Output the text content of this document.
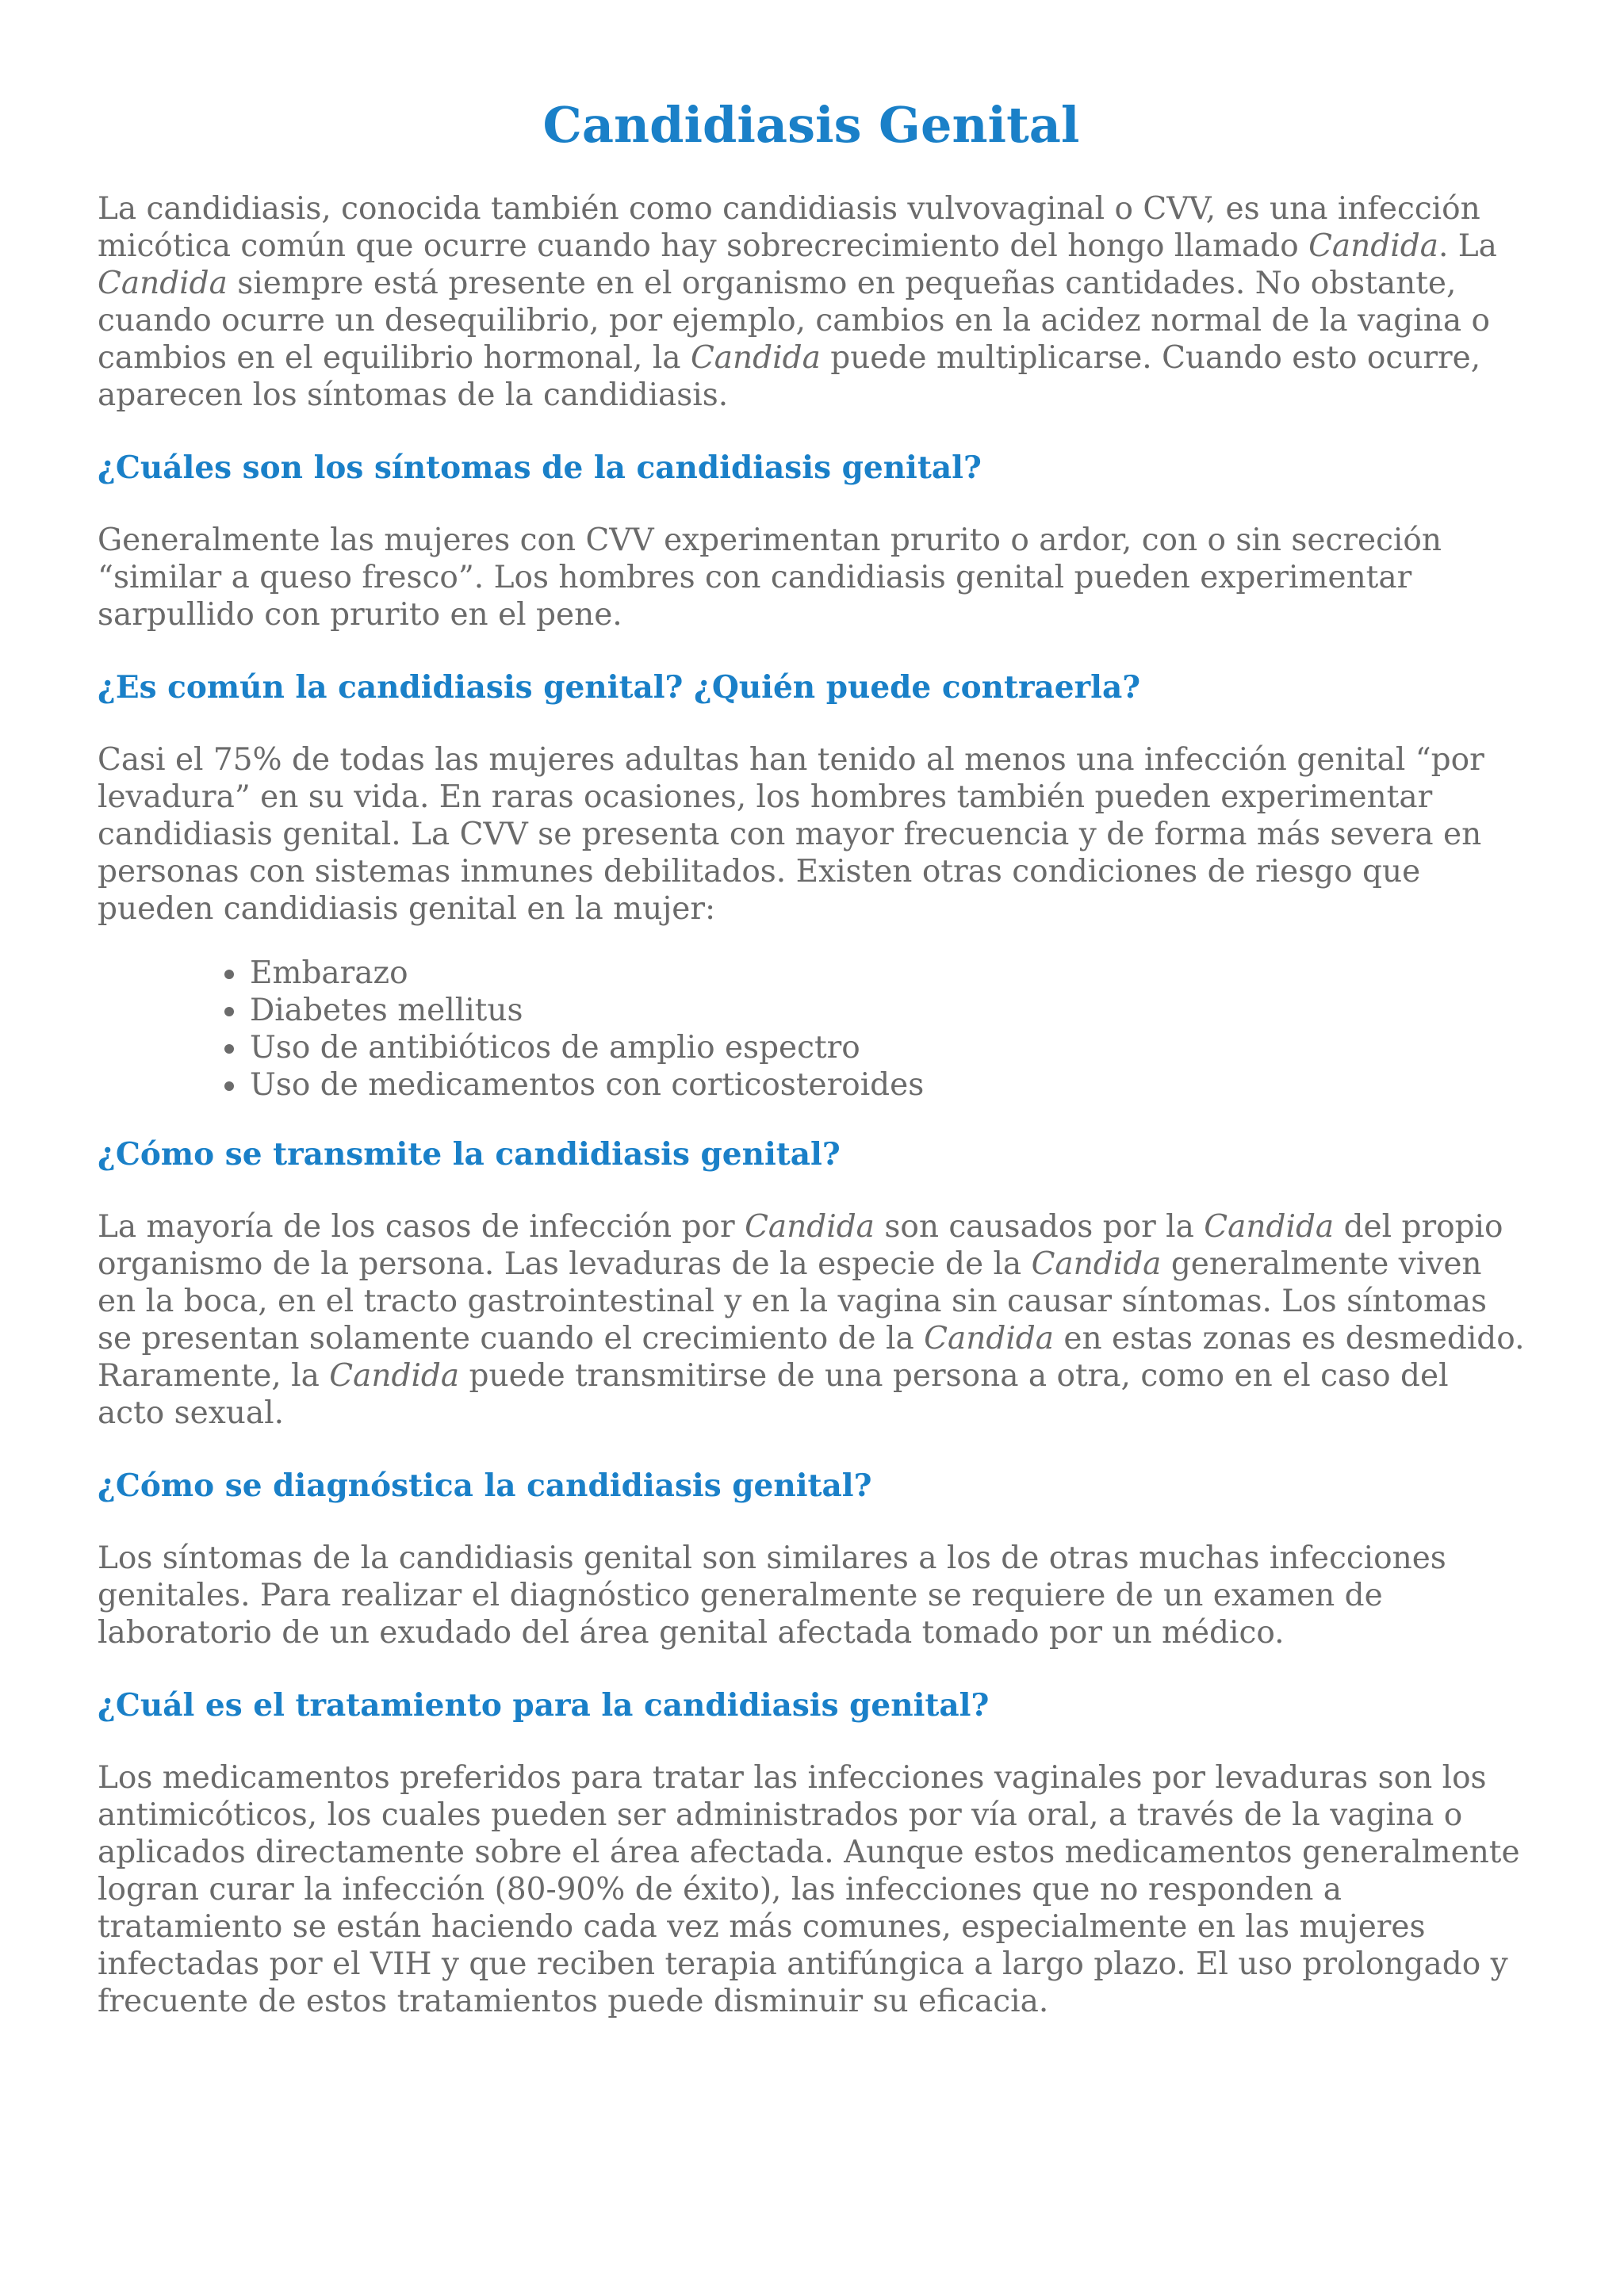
Candidiasis Genital

La candidiasis, conocida también como candidiasis vulvovaginal o CVV, es una infección micótica común que ocurre cuando hay sobrecrecimiento del hongo llamado Candida. La Candida siempre está presente en el organismo en pequeñas cantidades. No obstante, cuando ocurre un desequilibrio, por ejemplo, cambios en la acidez normal de la vagina o cambios en el equilibrio hormonal, la Candida puede multiplicarse. Cuando esto ocurre, aparecen los síntomas de la candidiasis.

¿Cuáles son los síntomas de la candidiasis genital?

Generalmente las mujeres con CVV experimentan prurito o ardor, con o sin secreción “similar a queso fresco”. Los hombres con candidiasis genital pueden experimentar sarpullido con prurito en el pene.

¿Es común la candidiasis genital? ¿Quién puede contraerla?

Casi el 75% de todas las mujeres adultas han tenido al menos una infección genital “por levadura” en su vida. En raras ocasiones, los hombres también pueden experimentar candidiasis genital. La CVV se presenta con mayor frecuencia y de forma más severa en personas con sistemas inmunes debilitados. Existen otras condiciones de riesgo que pueden candidiasis genital en la mujer:

• Embarazo
• Diabetes mellitus
• Uso de antibióticos de amplio espectro
• Uso de medicamentos con corticosteroides
¿Cómo se transmite la candidiasis genital?

La mayoría de los casos de infección por Candida son causados por la Candida del propio organismo de la persona. Las levaduras de la especie de la Candida generalmente viven en la boca, en el tracto gastrointestinal y en la vagina sin causar síntomas. Los síntomas se presentan solamente cuando el crecimiento de la Candida en estas zonas es desmedido. Raramente, la Candida puede transmitirse de una persona a otra, como en el caso del acto sexual.

¿Cómo se diagnóstica la candidiasis genital?

Los síntomas de la candidiasis genital son similares a los de otras muchas infecciones genitales. Para realizar el diagnóstico generalmente se requiere de un examen de laboratorio de un exudado del área genital afectada tomado por un médico.

¿Cuál es el tratamiento para la candidiasis genital?

Los medicamentos preferidos para tratar las infecciones vaginales por levaduras son los antimicóticos, los cuales pueden ser administrados por vía oral, a través de la vagina o aplicados directamente sobre el área afectada. Aunque estos medicamentos generalmente logran curar la infección (80-90% de éxito), las infecciones que no responden a tratamiento se están haciendo cada vez más comunes, especialmente en las mujeres infectadas por el VIH y que reciben terapia antifúngica a largo plazo. El uso prolongado y frecuente de estos tratamientos puede disminuir su eficacia.
